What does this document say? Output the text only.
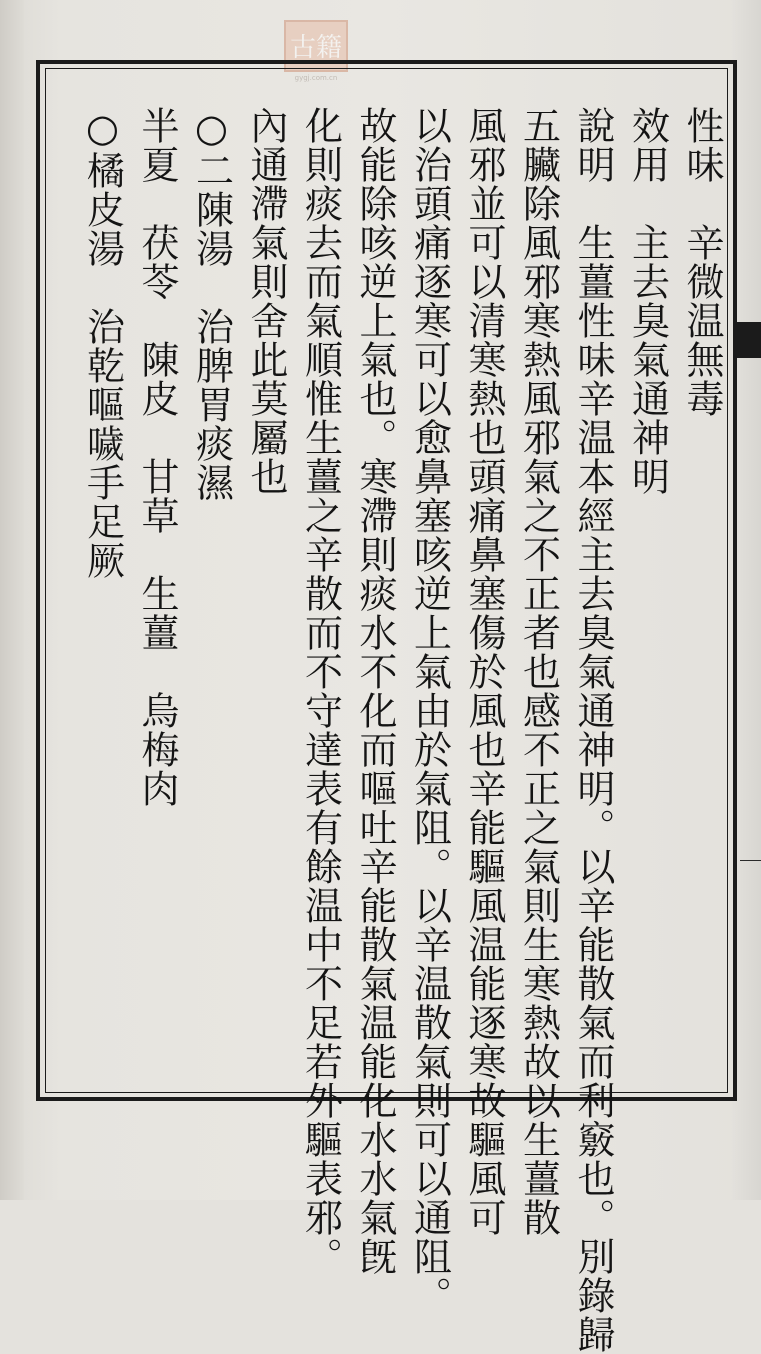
古籍
gygj.com.cn
性味　辛微温無毒
效用　主去臭氣通神明
說明　生薑性味辛温本經主去臭氣通神明。以辛能散氣而利竅也。別錄歸
五臟除風邪寒熱風邪氣之不正者也感不正之氣則生寒熱故以生薑散
風邪並可以清寒熱也頭痛鼻塞傷於風也辛能驅風温能逐寒故驅風可
以治頭痛逐寒可以愈鼻塞咳逆上氣由於氣阻。以辛温散氣則可以通阻。
故能除咳逆上氣也。寒滯則痰水不化而嘔吐辛能散氣温能化水水氣旣
化則痰去而氣順惟生薑之辛散而不守達表有餘温中不足若外驅表邪。
內通滯氣則舍此莫屬也
○二陳湯　治脾胃痰濕
半夏　茯苓　陳皮　甘草　生薑　烏梅肉
○橘皮湯　治乾嘔噦手足厥
